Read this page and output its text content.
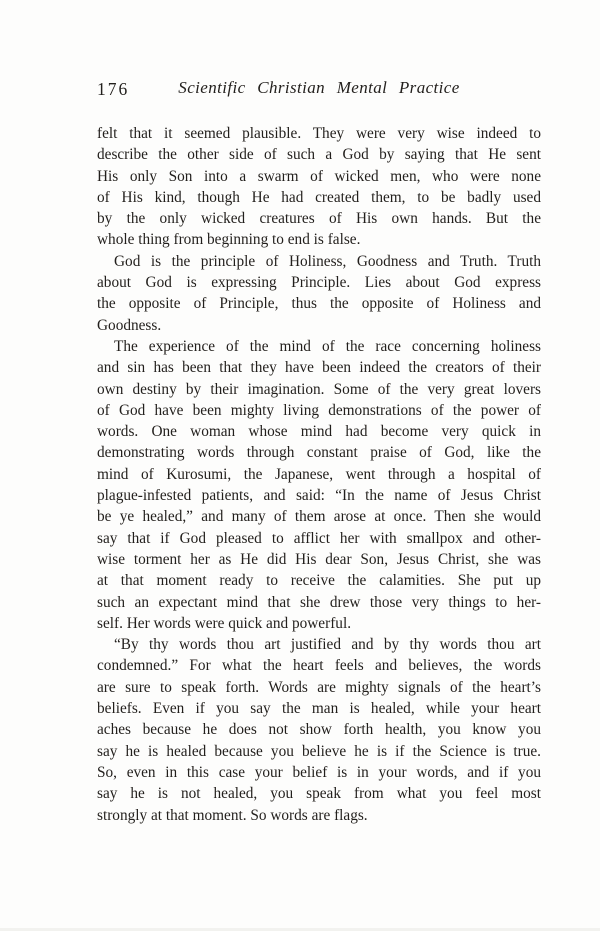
176	Scientific Christian Mental Practice

felt that it seemed plausible. They were very wise indeed to
describe the other side of such a God by saying that He sent
His only Son into a swarm of wicked men, who were none
of His kind, though He had created them, to be badly used
by the only wicked creatures of His own hands. But the
whole thing from beginning to end is false.

God is the principle of Holiness, Goodness and Truth. Truth
about God is expressing Principle. Lies about God express
the opposite of Principle, thus the opposite of Holiness and
Goodness.

The experience of the mind of the race concerning holiness
and sin has been that they have been indeed the creators of their
own destiny by their imagination. Some of the very great lovers
of God have been mighty living demonstrations of the power of
words. One woman whose mind had become very quick in
demonstrating words through constant praise of God, like the
mind of Kurosumi, the Japanese, went through a hospital of
plague-infested patients, and said: “In the name of Jesus Christ
be ye healed,” and many of them arose at once. Then she would
say that if God pleased to afflict her with smallpox and other-
wise torment her as He did His dear Son, Jesus Christ, she was
at that moment ready to receive the calamities. She put up
such an expectant mind that she drew those very things to her-
self. Her words were quick and powerful.

“By thy words thou art justified and by thy words thou art
condemned.” For what the heart feels and believes, the words
are sure to speak forth. Words are mighty signals of the heart’s
beliefs. Even if you say the man is healed, while your heart
aches because he does not show forth health, you know you
say he is healed because you believe he is if the Science is true.
So, even in this case your belief is in your words, and if you
say he is not healed, you speak from what you feel most
strongly at that moment. So words are flags.
